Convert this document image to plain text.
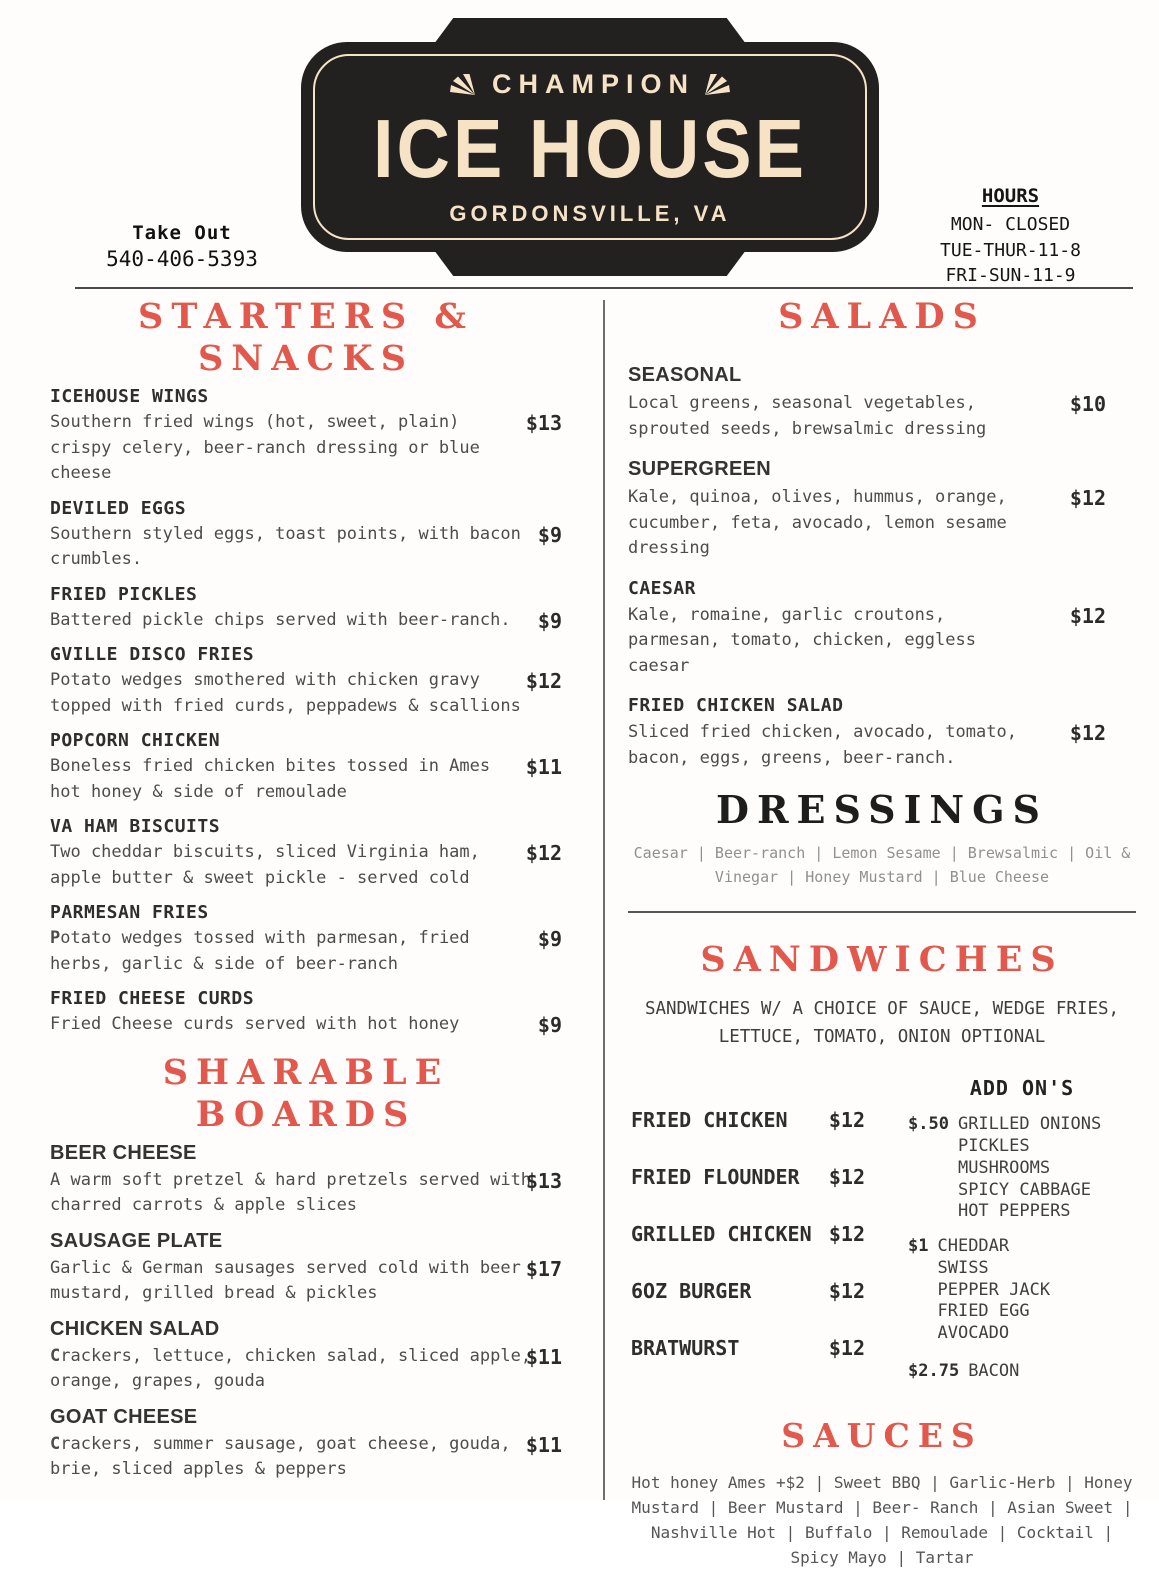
Take Out
540-406-5393
CHAMPION
ICE HOUSE
GORDONSVILLE, VA
HOURS
MON- CLOSED
TUE-THUR-11-8
FRI-SUN-11-9
STARTERS &
SNACKS
ICEHOUSE WINGS

Southern fried wings (hot, sweet, plain) crispy celery, beer-ranch dressing or blue cheese

$13
DEVILED EGGS

Southern styled eggs, toast points, with bacon crumbles.

$9
FRIED PICKLES

Battered pickle chips served with beer-ranch.	$9
GVILLE DISCO FRIES

Potato wedges smothered with chicken gravy topped with fried curds, peppadews & scallions

$12
POPCORN CHICKEN

Boneless fried chicken bites tossed in Ames hot honey & side of remoulade

$11
VA HAM BISCUITS

Two cheddar biscuits, sliced Virginia ham, apple butter & sweet pickle - served cold

$12
PARMESAN FRIES

Potato wedges tossed with parmesan, fried herbs, garlic & side of beer-ranch

$9
FRIED CHEESE CURDS

Fried Cheese curds served with hot honey	$9
SHARABLE
BOARDS
BEER CHEESE

A warm soft pretzel & hard pretzels served with charred carrots & apple slices

$13
SAUSAGE PLATE

Garlic & German sausages served cold with beer mustard, grilled bread & pickles

$17
CHICKEN SALAD

Crackers, lettuce, chicken salad, sliced apple, orange, grapes, gouda

$11
GOAT CHEESE

Crackers, summer sausage, goat cheese, gouda, brie, sliced apples & peppers

$11
SALADS
SEASONAL

Local greens, seasonal vegetables, sprouted seeds, brewsalmic dressing

$10
SUPERGREEN

Kale, quinoa, olives, hummus, orange, cucumber, feta, avocado, lemon sesame dressing

$12
CAESAR

Kale, romaine, garlic croutons, parmesan, tomato, chicken, eggless caesar

$12
FRIED CHICKEN SALAD

Sliced fried chicken, avocado, tomato, bacon, eggs, greens, beer-ranch.

$12
DRESSINGS

Caesar | Beer-ranch | Lemon Sesame | Brewsalmic | Oil & Vinegar | Honey Mustard | Blue Cheese

SANDWICHES

SANDWICHES W/ A CHOICE OF SAUCE, WEDGE FRIES, LETTUCE, TOMATO, ONION OPTIONAL

FRIED CHICKEN $12
FRIED FLOUNDER $12
GRILLED CHICKEN $12
6OZ BURGER	$12
BRATWURST	$12
ADD ON'S
$.50 GRILLED ONIONS
PICKLES
MUSHROOMS
SPICY CABBAGE
HOT PEPPERS
$1 CHEDDAR
SWISS
PEPPER JACK
FRIED EGG
AVOCADO
$2.75 BACON
SAUCES

Hot honey Ames +$2 | Sweet BBQ | Garlic-Herb | Honey Mustard | Beer Mustard | Beer- Ranch | Asian Sweet | Nashville Hot | Buffalo | Remoulade | Cocktail | Spicy Mayo | Tartar
